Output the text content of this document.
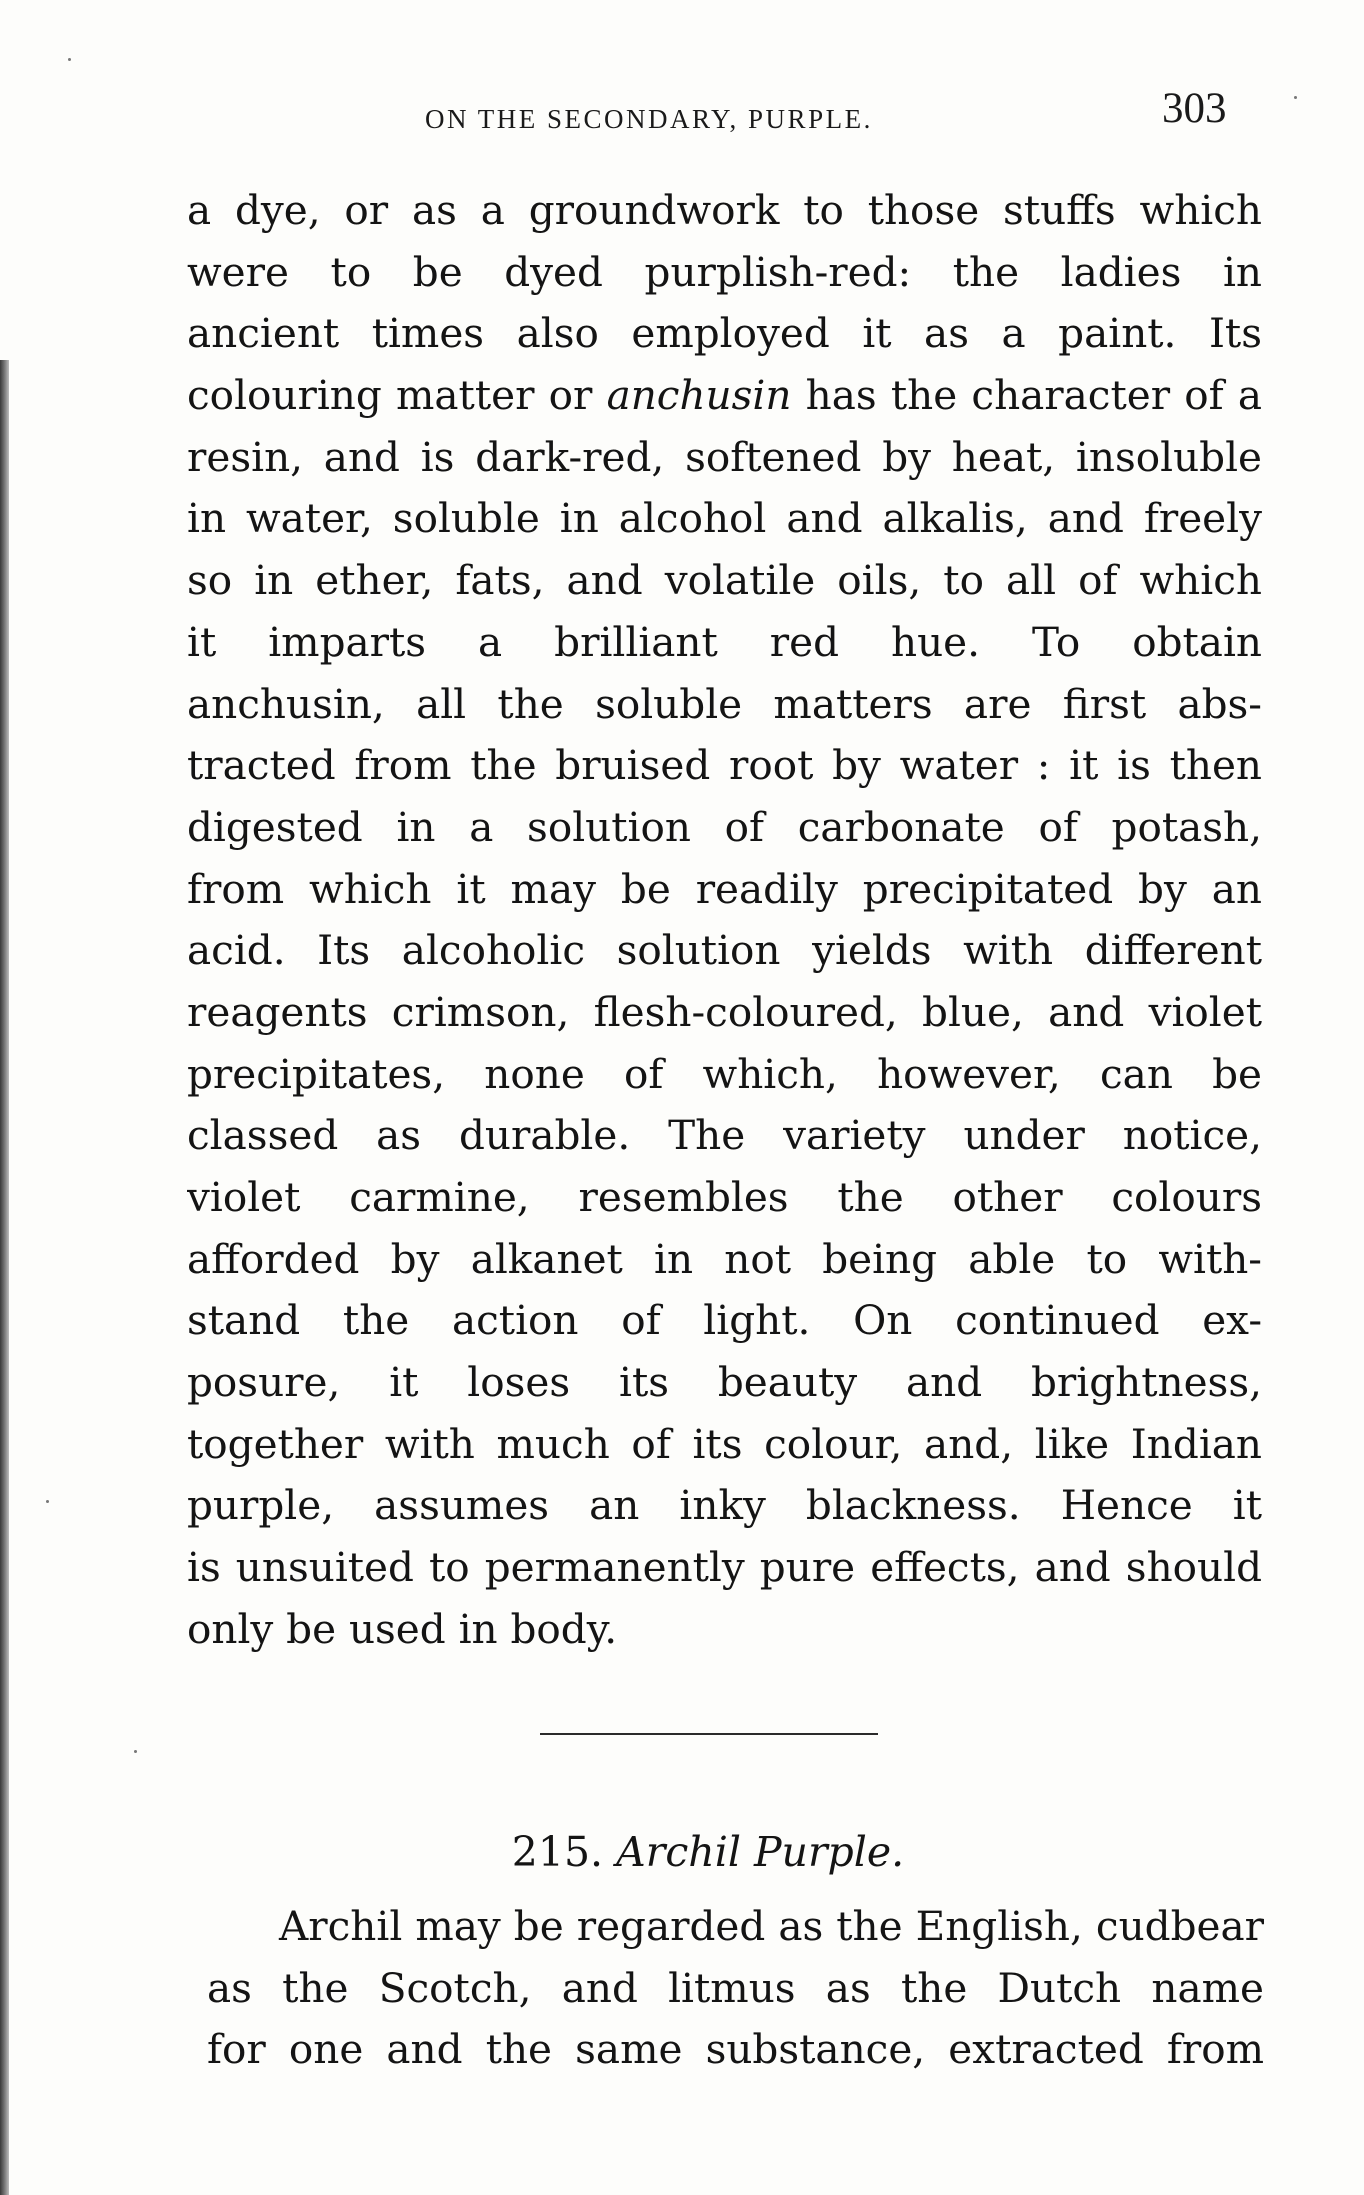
ON THE SECONDARY, PURPLE.	303
a dye, or as a groundwork to those stuffs which
were to be dyed purplish-red: the ladies in
ancient times also employed it as a paint. Its
colouring matter or anchusin has the character of a
resin, and is dark-red, softened by heat, insoluble
in water, soluble in alcohol and alkalis, and freely
so in ether, fats, and volatile oils, to all of which
it imparts a brilliant red hue. To obtain
anchusin, all the soluble matters are first abs-
tracted from the bruised root by water : it is then
digested in a solution of carbonate of potash,
from which it may be readily precipitated by an
acid. Its alcoholic solution yields with different
reagents crimson, flesh-coloured, blue, and violet
precipitates, none of which, however, can be
classed as durable. The variety under notice,
violet carmine, resembles the other colours
afforded by alkanet in not being able to with-
stand the action of light. On continued ex-
posure, it loses its beauty and brightness,
together with much of its colour, and, like Indian
purple, assumes an inky blackness. Hence it
is unsuited to permanently pure effects, and should
only be used in body.
215. Archil Purple.
Archil may be regarded as the English, cudbear
as the Scotch, and litmus as the Dutch name
for one and the same substance, extracted from
